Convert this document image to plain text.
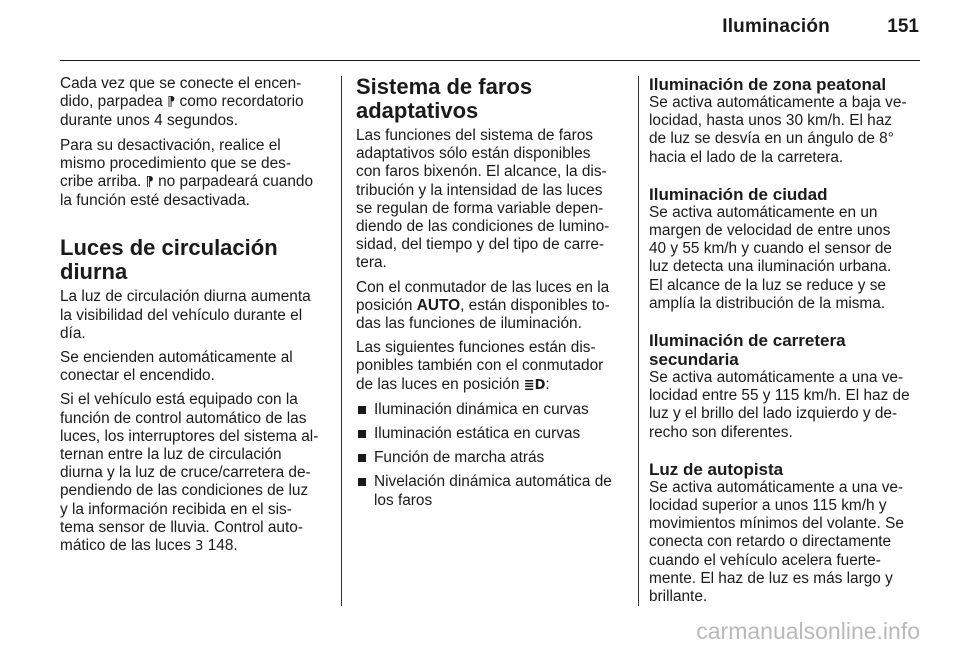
Iluminación	151

Cada vez que se conecte el encen-
dido, parpadea ⁋ como recordatorio
durante unos 4 segundos.

Para su desactivación, realice el
mismo procedimiento que se des-
cribe arriba. ⁋ no parpadeará cuando
la función esté desactivada.

Luces de circulación
diurna

La luz de circulación diurna aumenta
la visibilidad del vehículo durante el
día.

Se encienden automáticamente al
conectar el encendido.

Si el vehículo está equipado con la
función de control automático de las
luces, los interruptores del sistema al-
ternan entre la luz de circulación
diurna y la luz de cruce/carretera de-
pendiendo de las condiciones de luz
y la información recibida en el sis-
tema sensor de lluvia. Control auto-
mático de las luces 3 148.

Sistema de faros
adaptativos

Las funciones del sistema de faros
adaptativos sólo están disponibles
con faros bixenón. El alcance, la dis-
tribución y la intensidad de las luces
se regulan de forma variable depen-
diendo de las condiciones de lumino-
sidad, del tiempo y del tipo de carre-
tera.

Con el conmutador de las luces en la
posición AUTO, están disponibles to-
das las funciones de iluminación.

Las siguientes funciones están dis-
ponibles también con el conmutador
de las luces en posición ≣D:

Iluminación dinámica en curvas
Iluminación estática en curvas
Función de marcha atrás
Nivelación dinámica automática de
los faros
Iluminación de zona peatonal

Se activa automáticamente a baja ve-
locidad, hasta unos 30 km/h. El haz
de luz se desvía en un ángulo de 8°
hacia el lado de la carretera.

Iluminación de ciudad

Se activa automáticamente en un
margen de velocidad de entre unos
40 y 55 km/h y cuando el sensor de
luz detecta una iluminación urbana.
El alcance de la luz se reduce y se
amplía la distribución de la misma.

Iluminación de carretera
secundaria

Se activa automáticamente a una ve-
locidad entre 55 y 115 km/h. El haz de
luz y el brillo del lado izquierdo y de-
recho son diferentes.

Luz de autopista

Se activa automáticamente a una ve-
locidad superior a unos 115 km/h y
movimientos mínimos del volante. Se
conecta con retardo o directamente
cuando el vehículo acelera fuerte-
mente. El haz de luz es más largo y
brillante.

carmanualsonline.info
